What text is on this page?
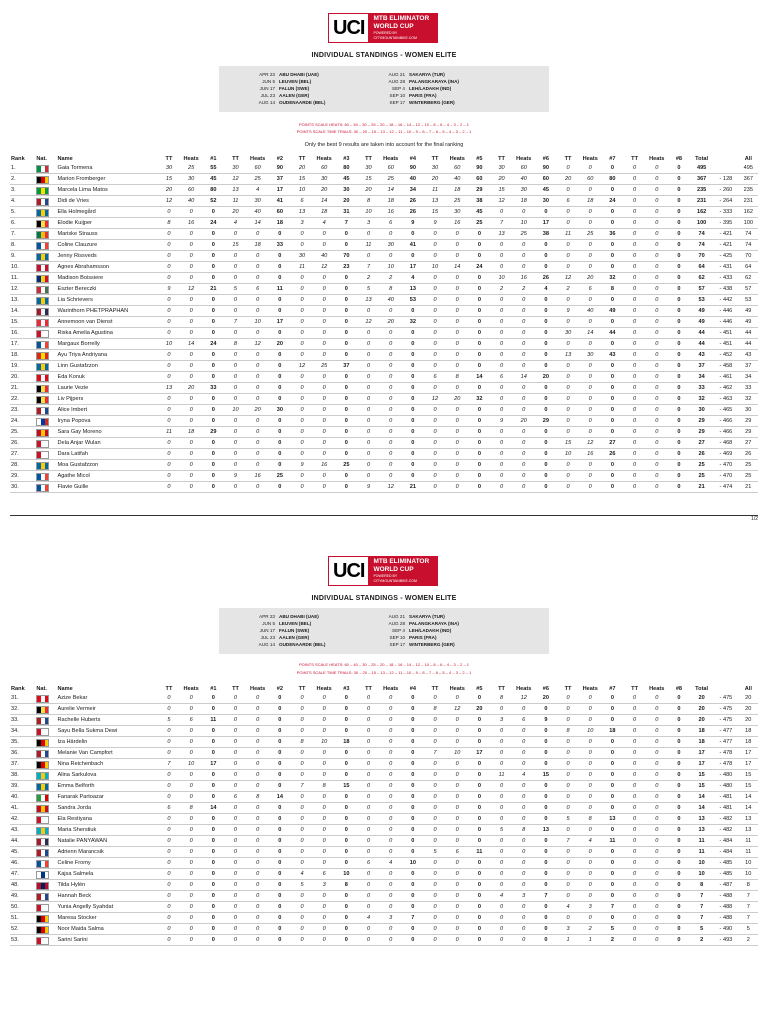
UCI	MTB ELIMINATOR
WORLD CUP
POWERED BY CITYMOUNTAINBIKE.COM
INDIVIDUAL STANDINGS - WOMEN ELITE
APR 23 ABU DHABI (UAE)
JUN 5 LEUVEN (BEL)
JUN 17 FALUN (SWE)
JUL 23 AALEN (GER)
AUG 14 OUDENAARDE (BEL)
AUG 21 SAKARYA (TUR)
AUG 28 PALANGKARAYA (INA)
SEP 4 LEH/LADAKH (IND)
SEP 10 PARIS (FRA)
SEP 17 WINTERBERG (GER)
POINTS SCALE HEATS: 60 – 40 – 30 – 25 – 20 – 18 – 16 – 14 – 12 – 10 – 8 – 6 – 4 – 3 – 2 – 1
POINTS SCALE TIME TRIALS: 30 – 20 – 15 – 13 – 12 – 11 – 10 – 9 – 8 – 7 – 6 – 5 – 4 – 3 – 2 – 1
Only the best 9 results are taken into account for the final ranking
Rank	Nat.	Name	TT	Heats	#1	TT	Heats	#2	TT	Heats	#3	TT	Heats	#4	TT	Heats	#5	TT	Heats	#6	TT	Heats	#7	TT	Heats	#8	Total		All
1.		Gaia Tormena	30	25	55	30	60	90	20	60	80	30	60	90	30	60	90	30	60	90	0	0	0	0	0	0	495		495
2.		Marion Fromberger	15	30	45	12	25	37	15	30	45	15	25	40	20	40	60	20	40	60	20	60	80	0	0	0	367	- 128	367
3.		Marcela Lima Matos	20	60	80	13	4	17	10	20	30	20	14	34	11	18	29	15	30	45	0	0	0	0	0	0	235	- 260	235
4.		Didi de Vries	12	40	52	11	30	41	6	14	20	8	18	26	13	25	38	12	18	30	6	18	24	0	0	0	231	- 264	231
5.		Ella Holmegård	0	0	0	20	40	60	13	18	31	10	16	26	15	30	45	0	0	0	0	0	0	0	0	0	162	- 333	162
6.		Elodie Kuijper	8	16	24	4	14	18	3	4	7	3	6	9	9	16	25	7	10	17	0	0	0	0	0	0	100	- 395	100
7.		Mariske Strauss	0	0	0	0	0	0	0	0	0	0	0	0	0	0	0	13	25	38	11	25	36	0	0	0	74	- 421	74
8.		Coline Clauzure	0	0	0	15	18	33	0	0	0	11	30	41	0	0	0	0	0	0	0	0	0	0	0	0	74	- 421	74
9.		Jenny Rissveds	0	0	0	0	0	0	30	40	70	0	0	0	0	0	0	0	0	0	0	0	0	0	0	0	70	- 425	70
10.		Agnes Abrahamsson	0	0	0	0	0	0	11	12	23	7	10	17	10	14	24	0	0	0	0	0	0	0	0	0	64	- 431	64
11.		Madison Boissiere	0	0	0	0	0	0	0	0	0	2	2	4	0	0	0	10	16	26	12	20	32	0	0	0	62	- 433	62
12.		Eszter Bereczki	9	12	21	5	6	11	0	0	0	5	8	13	0	0	0	2	2	4	2	6	8	0	0	0	57	- 438	57
13.		Lia Schrievers	0	0	0	0	0	0	0	0	0	13	40	53	0	0	0	0	0	0	0	0	0	0	0	0	53	- 442	53
14.		Warinthorn PHETPRAPHAN	0	0	0	0	0	0	0	0	0	0	0	0	0	0	0	0	0	0	9	40	49	0	0	0	49	- 446	49
15.		Annemoon van Dienst	0	0	0	7	10	17	0	0	0	12	20	32	0	0	0	0	0	0	0	0	0	0	0	0	49	- 446	49
16.		Riska Amelia Agustina	0	0	0	0	0	0	0	0	0	0	0	0	0	0	0	0	0	0	30	14	44	0	0	0	44	- 451	44
17.		Margaux Borrelly	10	14	24	8	12	20	0	0	0	0	0	0	0	0	0	0	0	0	0	0	0	0	0	0	44	- 451	44
18.		Ayu Triya Andriyana	0	0	0	0	0	0	0	0	0	0	0	0	0	0	0	0	0	0	13	30	43	0	0	0	43	- 452	43
19.		Linn Gustafzzon	0	0	0	0	0	0	12	25	37	0	0	0	0	0	0	0	0	0	0	0	0	0	0	0	37	- 458	37
20.		Eda Konuk	0	0	0	0	0	0	0	0	0	0	0	0	6	8	14	6	14	20	0	0	0	0	0	0	34	- 461	34
21.		Laurie Vezie	13	20	33	0	0	0	0	0	0	0	0	0	0	0	0	0	0	0	0	0	0	0	0	0	33	- 462	33
22.		Liv Pijpers	0	0	0	0	0	0	0	0	0	0	0	0	12	20	32	0	0	0	0	0	0	0	0	0	32	- 463	32
23.		Alice Imbert	0	0	0	10	20	30	0	0	0	0	0	0	0	0	0	0	0	0	0	0	0	0	0	0	30	- 465	30
24.		Iryna Popova	0	0	0	0	0	0	0	0	0	0	0	0	0	0	0	9	20	29	0	0	0	0	0	0	29	- 466	29
25.		Sara Gay Moreno	11	18	29	0	0	0	0	0	0	0	0	0	0	0	0	0	0	0	0	0	0	0	0	0	29	- 466	29
26.		Dela Anjar Wulan	0	0	0	0	0	0	0	0	0	0	0	0	0	0	0	0	0	0	15	12	27	0	0	0	27	- 468	27
27.		Dara Latifah	0	0	0	0	0	0	0	0	0	0	0	0	0	0	0	0	0	0	10	16	26	0	0	0	26	- 469	26
28.		Moa Gustafzzon	0	0	0	0	0	0	9	16	25	0	0	0	0	0	0	0	0	0	0	0	0	0	0	0	25	- 470	25
29.		Agathe Micol	0	0	0	9	16	25	0	0	0	0	0	0	0	0	0	0	0	0	0	0	0	0	0	0	25	- 470	25
30.		Flavie Guille	0	0	0	0	0	0	0	0	0	9	12	21	0	0	0	0	0	0	0	0	0	0	0	0	21	- 474	21
1/2
UCI	MTB ELIMINATOR
WORLD CUP
POWERED BY CITYMOUNTAINBIKE.COM
INDIVIDUAL STANDINGS - WOMEN ELITE
APR 23 ABU DHABI (UAE)
JUN 5 LEUVEN (BEL)
JUN 17 FALUN (SWE)
JUL 23 AALEN (GER)
AUG 14 OUDENAARDE (BEL)
AUG 21 SAKARYA (TUR)
AUG 28 PALANGKARAYA (INA)
SEP 4 LEH/LADAKH (IND)
SEP 10 PARIS (FRA)
SEP 17 WINTERBERG (GER)
POINTS SCALE HEATS: 60 – 40 – 30 – 25 – 20 – 18 – 16 – 14 – 12 – 10 – 8 – 6 – 4 – 3 – 2 – 1
POINTS SCALE TIME TRIALS: 30 – 20 – 15 – 13 – 12 – 11 – 10 – 9 – 8 – 7 – 6 – 5 – 4 – 3 – 2 – 1
Rank	Nat.	Name	TT	Heats	#1	TT	Heats	#2	TT	Heats	#3	TT	Heats	#4	TT	Heats	#5	TT	Heats	#6	TT	Heats	#7	TT	Heats	#8	Total		All
31.		Azize Bekar	0	0	0	0	0	0	0	0	0	0	0	0	0	0	0	8	12	20	0	0	0	0	0	0	20	- 475	20
32.		Aurelie Vermeir	0	0	0	0	0	0	0	0	0	0	0	0	8	12	20	0	0	0	0	0	0	0	0	0	20	- 475	20
33.		Rachelle Huberts	5	6	11	0	0	0	0	0	0	0	0	0	0	0	0	3	6	9	0	0	0	0	0	0	20	- 475	20
34.		Sayu Bella Sukma Dewi	0	0	0	0	0	0	0	0	0	0	0	0	0	0	0	0	0	0	8	10	18	0	0	0	18	- 477	18
35.		Iza Härdelin	0	0	0	0	0	0	8	10	18	0	0	0	0	0	0	0	0	0	0	0	0	0	0	0	18	- 477	18
36.		Melanie Van Campfort	0	0	0	0	0	0	0	0	0	0	0	0	7	10	17	0	0	0	0	0	0	0	0	0	17	- 478	17
37.		Nina Reichenbach	7	10	17	0	0	0	0	0	0	0	0	0	0	0	0	0	0	0	0	0	0	0	0	0	17	- 478	17
38.		Alina Sarkulova	0	0	0	0	0	0	0	0	0	0	0	0	0	0	0	11	4	15	0	0	0	0	0	0	15	- 480	15
39.		Emma Belforth	0	0	0	0	0	0	7	8	15	0	0	0	0	0	0	0	0	0	0	0	0	0	0	0	15	- 480	15
40.		Fanarak Partoazar	0	0	0	6	8	14	0	0	0	0	0	0	0	0	0	0	0	0	0	0	0	0	0	0	14	- 481	14
41.		Sandra Jorda	6	8	14	0	0	0	0	0	0	0	0	0	0	0	0	0	0	0	0	0	0	0	0	0	14	- 481	14
42.		Ela Restiyana	0	0	0	0	0	0	0	0	0	0	0	0	0	0	0	0	0	0	5	8	13	0	0	0	13	- 482	13
43.		Maria Sherstiuk	0	0	0	0	0	0	0	0	0	0	0	0	0	0	0	5	8	13	0	0	0	0	0	0	13	- 482	13
44.		Natalie PANYAWAN	0	0	0	0	0	0	0	0	0	0	0	0	0	0	0	0	0	0	7	4	11	0	0	0	11	- 484	11
45.		Adrienn Marancsik	0	0	0	0	0	0	0	0	0	0	0	0	5	6	11	0	0	0	0	0	0	0	0	0	11	- 484	11
46.		Celine Fromy	0	0	0	0	0	0	0	0	0	6	4	10	0	0	0	0	0	0	0	0	0	0	0	0	10	- 485	10
47.		Kajsa Salmela	0	0	0	0	0	0	4	6	10	0	0	0	0	0	0	0	0	0	0	0	0	0	0	0	10	- 485	10
48.		Tilda Hylén	0	0	0	0	0	0	5	3	8	0	0	0	0	0	0	0	0	0	0	0	0	0	0	0	8	- 487	8
49.		Hannah Beck	0	0	0	0	0	0	0	0	0	0	0	0	0	0	0	4	3	7	0	0	0	0	0	0	7	- 488	7
50.		Yunia Angelly Syahdat	0	0	0	0	0	0	0	0	0	0	0	0	0	0	0	0	0	0	4	3	7	0	0	0	7	- 488	7
51.		Maresa Stocker	0	0	0	0	0	0	0	0	0	4	3	7	0	0	0	0	0	0	0	0	0	0	0	0	7	- 488	7
52.		Noor Maida Salma	0	0	0	0	0	0	0	0	0	0	0	0	0	0	0	0	0	0	3	2	5	0	0	0	5	- 490	5
53.		Sarini Sarini	0	0	0	0	0	0	0	0	0	0	0	0	0	0	0	0	0	0	1	1	2	0	0	0	2	- 493	2
